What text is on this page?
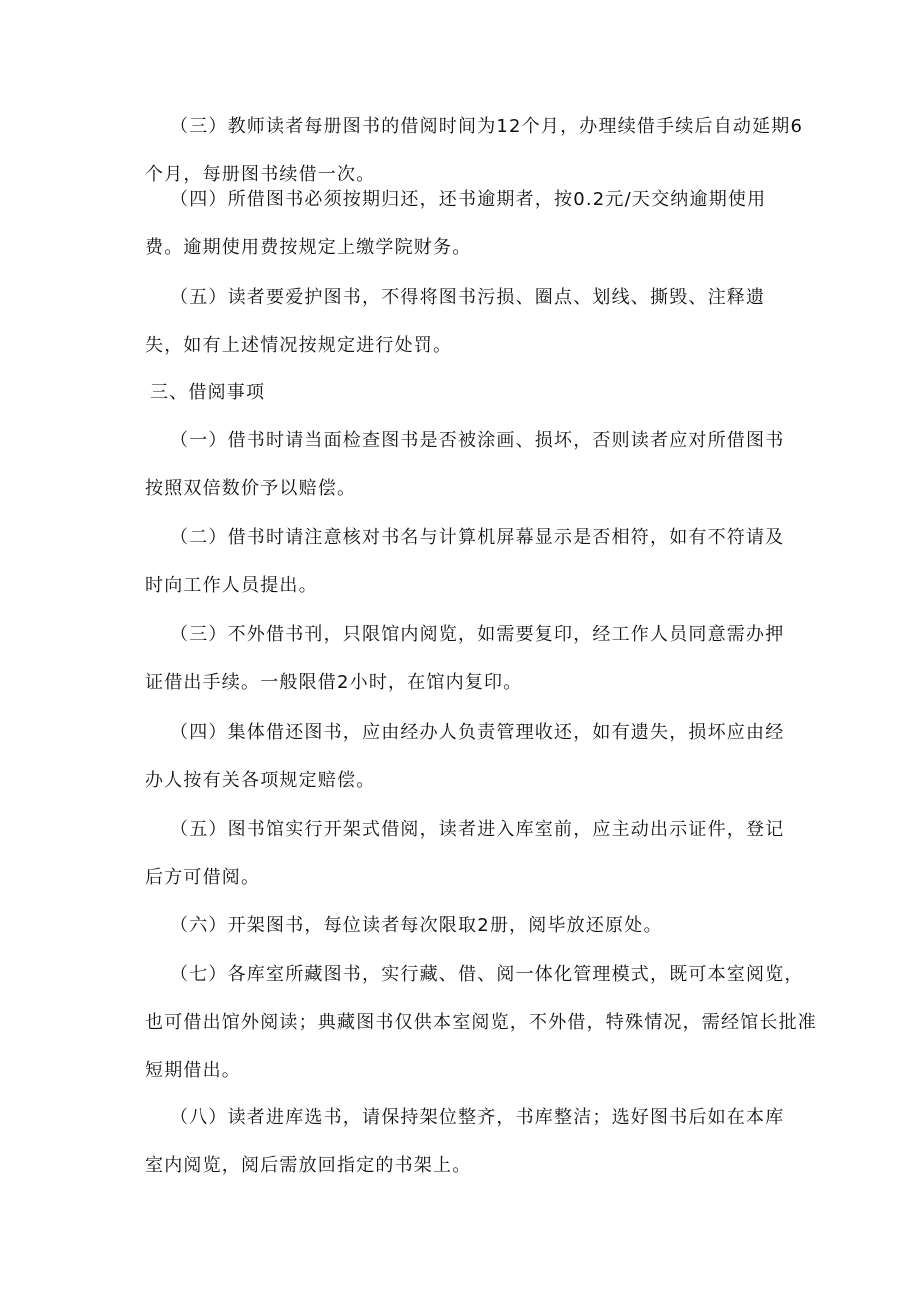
（三）教师读者每册图书的借阅时间为12个月，办理续借手续后自动延期6
个月，每册图书续借一次。

（四）所借图书必须按期归还，还书逾期者，按0.2元/天交纳逾期使用
费。逾期使用费按规定上缴学院财务。

（五）读者要爱护图书，不得将图书污损、圈点、划线、撕毁、注释遗
失，如有上述情况按规定进行处罚。

三、借阅事项

（一）借书时请当面检查图书是否被涂画、损坏，否则读者应对所借图书
按照双倍数价予以赔偿。

（二）借书时请注意核对书名与计算机屏幕显示是否相符，如有不符请及
时向工作人员提出。

（三）不外借书刊，只限馆内阅览，如需要复印，经工作人员同意需办押
证借出手续。一般限借2小时，在馆内复印。

（四）集体借还图书，应由经办人负责管理收还，如有遗失，损坏应由经
办人按有关各项规定赔偿。

（五）图书馆实行开架式借阅，读者进入库室前，应主动出示证件，登记
后方可借阅。

（六）开架图书，每位读者每次限取2册，阅毕放还原处。

（七）各库室所藏图书，实行藏、借、阅一体化管理模式，既可本室阅览，
也可借出馆外阅读；典藏图书仅供本室阅览，不外借，特殊情况，需经馆长批准
短期借出。

（八）读者进库选书，请保持架位整齐，书库整洁；选好图书后如在本库
室内阅览，阅后需放回指定的书架上。
